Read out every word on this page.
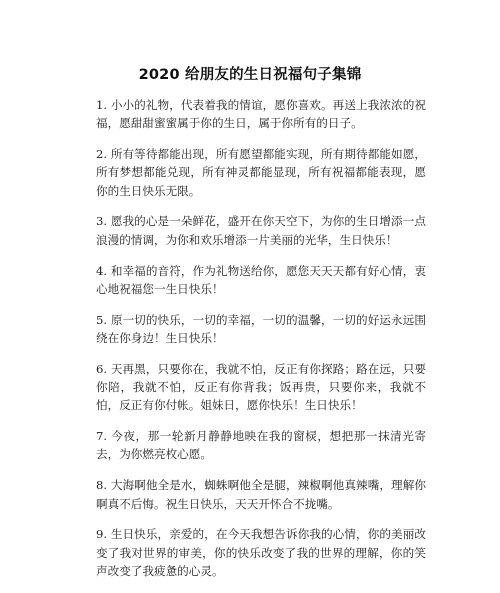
2020 给朋友的生日祝福句子集锦

1. 小小的礼物，代表着我的情谊，愿你喜欢。再送上我浓浓的祝福，愿甜甜蜜蜜属于你的生日，属于你所有的日子。

2. 所有等待都能出现，所有愿望都能实现，所有期待都能如愿，所有梦想都能兑现，所有神灵都能显现，所有祝福都能表现，愿你的生日快乐无限。

3. 愿我的心是一朵鲜花，盛开在你天空下，为你的生日增添一点浪漫的情调，为你和欢乐增添一片美丽的光华，生日快乐！

4. 和幸福的音符，作为礼物送给你，愿您天天天都有好心情，衷心地祝福您一生日快乐！

5. 原一切的快乐，一切的幸福，一切的温馨，一切的好运永远围绕在你身边！生日快乐！

6. 天再黑，只要你在，我就不怕，反正有你探路；路在远，只要你陪，我就不怕，反正有你背我；饭再贵，只要你来，我就不怕，反正有你付帐。姐妹日，愿你快乐！生日快乐！

7. 今夜，那一轮新月静静地映在我的窗棂，想把那一抹清光寄去，为你燃亮枚心愿。

8. 大海啊他全是水，蜘蛛啊他全是腿，辣椒啊他真辣嘴，理解你啊真不后悔。祝生日快乐，天天开怀合不拢嘴。

9. 生日快乐，亲爱的，在今天我想告诉你我的心情，你的美丽改变了我对世界的审美，你的快乐改变了我的世界的理解，你的笑声改变了我疲惫的心灵。
